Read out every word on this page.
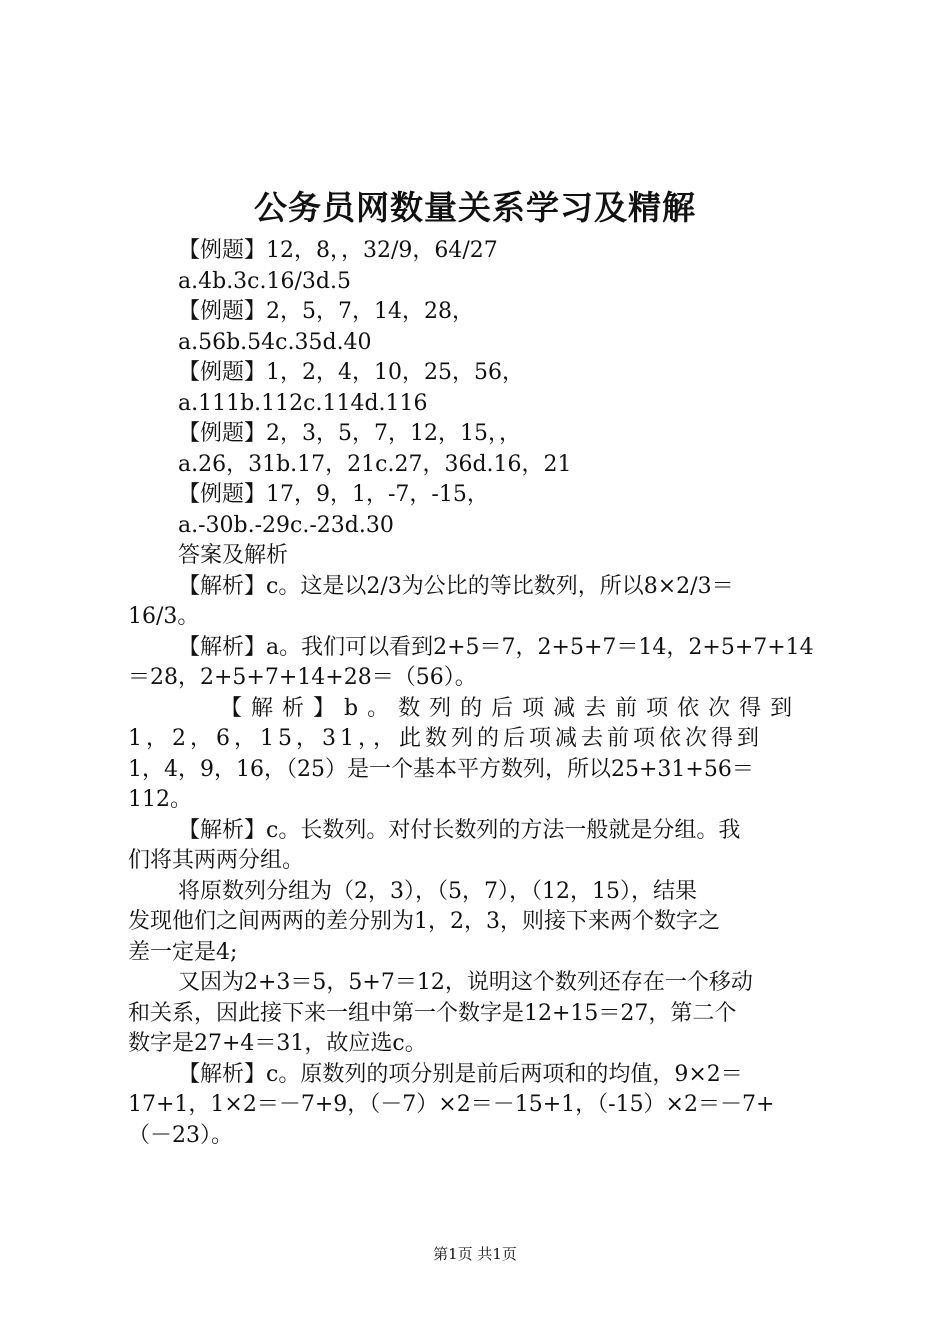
公务员网数量关系学习及精解
【例题】12，8，，32/9，64/27
a.4b.3c.16/3d.5
【例题】2，5，7，14，28，
a.56b.54c.35d.40
【例题】1，2，4，10，25，56，
a.111b.112c.114d.116
【例题】2，3，5，7，12，15，，
a.26，31b.17，21c.27，36d.16，21
【例题】17，9，1，-7，-15，
a.-30b.-29c.-23d.30
答案及解析
【解析】c。这是以2/3为公比的等比数列，所以8×2/3＝
16/3。
【解析】a。我们可以看到2+5＝7，2+5+7＝14，2+5+7+14
＝28，2+5+7+14+28＝（56）。
【解析】b。数列的后项减去前项依次得到
1，2，6，15，31，，此数列的后项减去前项依次得到
1，4，9，16，（25）是一个基本平方数列，所以25+31+56＝
112。
【解析】c。长数列。对付长数列的方法一般就是分组。我
们将其两两分组。
将原数列分组为（2，3），（5，7），（12，15），结果
发现他们之间两两的差分别为1，2，3，则接下来两个数字之
差一定是4;
又因为2+3＝5，5+7＝12，说明这个数列还存在一个移动
和关系，因此接下来一组中第一个数字是12+15＝27，第二个
数字是27+4＝31，故应选c。
【解析】c。原数列的项分别是前后两项和的均值，9×2＝
17+1，1×2＝－7+9，（－7）×2＝－15+1，（-15）×2＝－7+
（－23）。
第1页 共1页
